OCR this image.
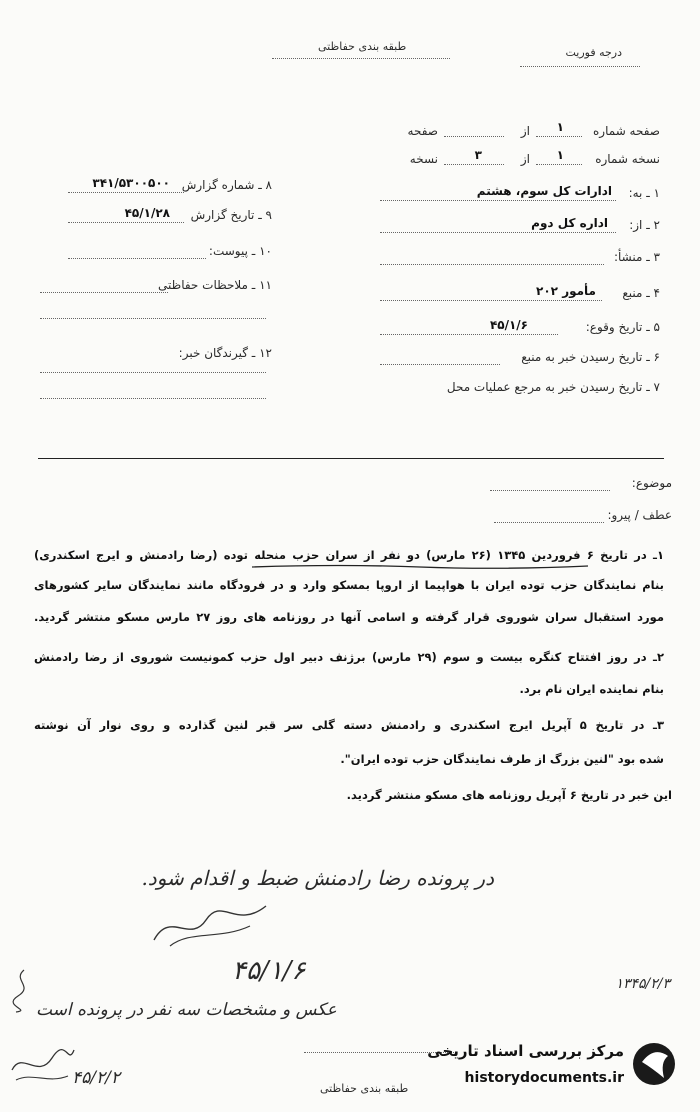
طبقه بندی حفاظتی	درجه فوریت
صفحه شماره
۱
از
صفحه
نسخه شماره
۱
از
۳
نسخه
۱ ـ به:
ادارات کل سوم، هشتم
۲ ـ از:
اداره کل دوم
۳ ـ منشأ:
۴ ـ منبع
مأمور ۲۰۲
۵ ـ تاریخ وقوع:
۴۵/۱/۶
۶ ـ تاریخ رسیدن خبر به منبع
۷ ـ تاریخ رسیدن خبر به مرجع عملیات محل
۸ ـ شماره گزارش
۳۴۱/۵۳۰۰۵۰۰
۹ ـ تاریخ گزارش
۴۵/۱/۲۸
۱۰ ـ پیوست:
۱۱ ـ ملاحظات حفاظتی
۱۲ ـ گیرندگان خبر:
موضوع:
عطف / پیرو:
۱ـ در تاریخ ۶ فروردین ۱۳۴۵ (۲۶ مارس) دو نفر از سران حزب منحله توده (رضا رادمنش و ایرج اسکندری)
بنام نمایندگان حزب توده ایران با هواپیما از اروپا بمسکو وارد و در فرودگاه مانند نمایندگان سایر کشورهای
مورد استقبال سران شوروی قرار گرفته و اسامی آنها در روزنامه های روز ۲۷ مارس مسکو منتشر گردید.
۲ـ در روز افتتاح کنگره بیست و سوم (۲۹ مارس) برژنف دبیر اول حزب کمونیست شوروی از رضا رادمنش
بنام نماینده ایران نام برد.
۳ـ در تاریخ ۵ آپریل ایرج اسکندری و رادمنش دسته گلی سر قبر لنین گذارده و روی نوار آن نوشته
شده بود "لنین بزرگ از طرف نمایندگان حزب توده ایران".
این خبر در تاریخ ۶ آپریل روزنامه های مسکو منتشر گردید.
در پرونده رضا رادمنش ضبط و اقدام شود.
۴۵/۱/۶	۱۳۴۵/۲/۳
عکس و مشخصات سه نفر در پرونده است
۴۵/۲/۲
طبقه بندی حفاظتی
مرکز بررسی اسناد تاریخی
historydocuments.ir
